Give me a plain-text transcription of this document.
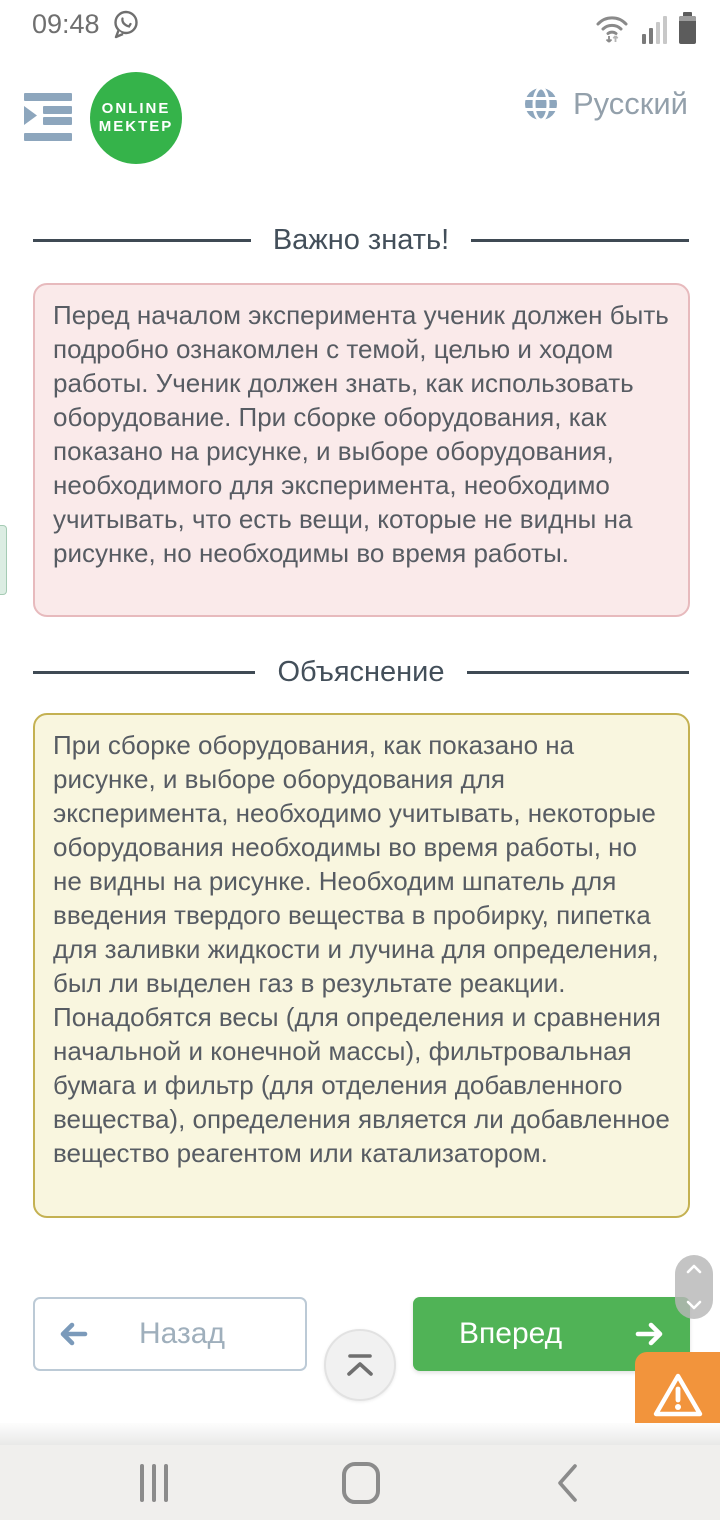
09:48
ONLINE
MEKTEP
Русский
Важно знать!
Перед началом эксперимента ученик должен быть подробно ознакомлен с темой, целью и ходом работы. Ученик должен знать, как использовать оборудование. При сборке оборудования, как показано на рисунке, и выборе оборудования, необходимого для эксперимента, необходимо учитывать, что есть вещи, которые не видны на рисунке, но необходимы во время работы.
Объяснение
При сборке оборудования, как показано на рисунке, и выборе оборудования для эксперимента, необходимо учитывать, некоторые оборудования необходимы во время работы, но не видны на рисунке. Необходим шпатель для введения твердого вещества в пробирку, пипетка для заливки жидкости и лучина для определения, был ли выделен газ в результате реакции. Понадобятся весы (для определения и сравнения начальной и конечной массы), фильтровальная бумага и фильтр (для отделения добавленного вещества), определения является ли добавленное вещество реагентом или катализатором.
Назад	Вперед
